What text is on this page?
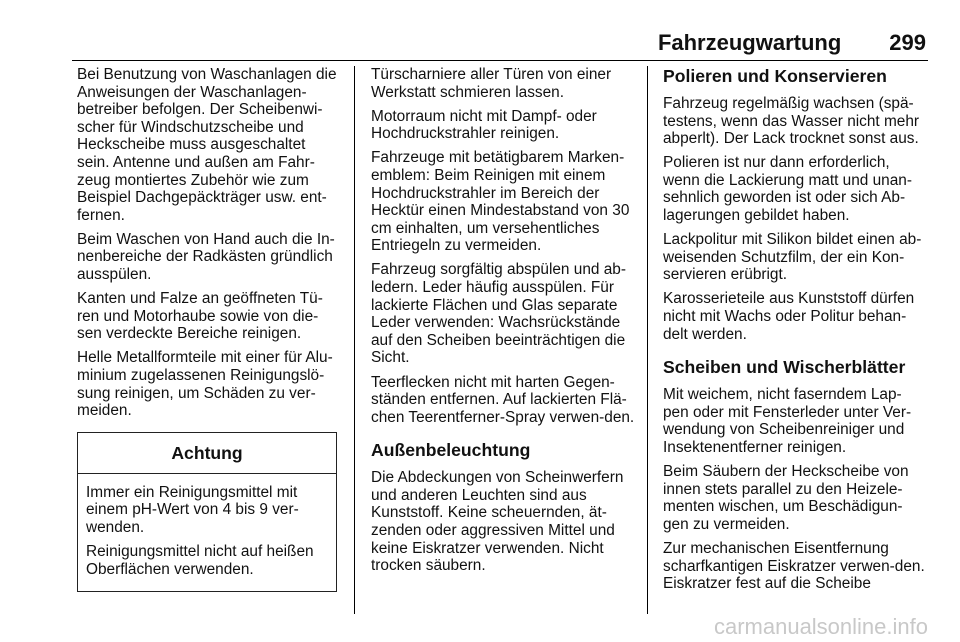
Fahrzeugwartung 299

Bei Benutzung von Waschanlagen die Anweisungen der Waschanlagen-betreiber befolgen. Der Scheibenwi-scher für Windschutzscheibe und Heckscheibe muss ausgeschaltet sein. Antenne und außen am Fahr-zeug montiertes Zubehör wie zum Beispiel Dachgepäckträger usw. ent-fernen.

Beim Waschen von Hand auch die In-nenbereiche der Radkästen gründlich ausspülen.

Kanten und Falze an geöffneten Tü-ren und Motorhaube sowie von die-sen verdeckte Bereiche reinigen.

Helle Metallformteile mit einer für Alu-minium zugelassenen Reinigungslö-sung reinigen, um Schäden zu ver-meiden.

Achtung

Immer ein Reinigungsmittel mit einem pH-Wert von 4 bis 9 ver-wenden.

Reinigungsmittel nicht auf heißen Oberflächen verwenden.

Türscharniere aller Türen von einer Werkstatt schmieren lassen.

Motorraum nicht mit Dampf- oder Hochdruckstrahler reinigen.

Fahrzeuge mit betätigbarem Marken-emblem: Beim Reinigen mit einem Hochdruckstrahler im Bereich der Hecktür einen Mindestabstand von 30 cm einhalten, um versehentliches Entriegeln zu vermeiden.

Fahrzeug sorgfältig abspülen und ab-ledern. Leder häufig ausspülen. Für lackierte Flächen und Glas separate Leder verwenden: Wachsrückstände auf den Scheiben beeinträchtigen die Sicht.

Teerflecken nicht mit harten Gegen-ständen entfernen. Auf lackierten Flä-chen Teerentferner-Spray verwen-den.

Außenbeleuchtung

Die Abdeckungen von Scheinwerfern und anderen Leuchten sind aus Kunststoff. Keine scheuernden, ät-zenden oder aggressiven Mittel und keine Eiskratzer verwenden. Nicht trocken säubern.

Polieren und Konservieren

Fahrzeug regelmäßig wachsen (spä-testens, wenn das Wasser nicht mehr abperlt). Der Lack trocknet sonst aus.

Polieren ist nur dann erforderlich, wenn die Lackierung matt und unan-sehnlich geworden ist oder sich Ab-lagerungen gebildet haben.

Lackpolitur mit Silikon bildet einen ab-weisenden Schutzfilm, der ein Kon-servieren erübrigt.

Karosserieteile aus Kunststoff dürfen nicht mit Wachs oder Politur behan-delt werden.

Scheiben und Wischerblätter

Mit weichem, nicht faserndem Lap-pen oder mit Fensterleder unter Ver-wendung von Scheibenreiniger und Insektenentferner reinigen.

Beim Säubern der Heckscheibe von innen stets parallel zu den Heizele-menten wischen, um Beschädigun-gen zu vermeiden.

Zur mechanischen Eisentfernung scharfkantigen Eiskratzer verwen-den. Eiskratzer fest auf die Scheibe

carmanualsonline.info
